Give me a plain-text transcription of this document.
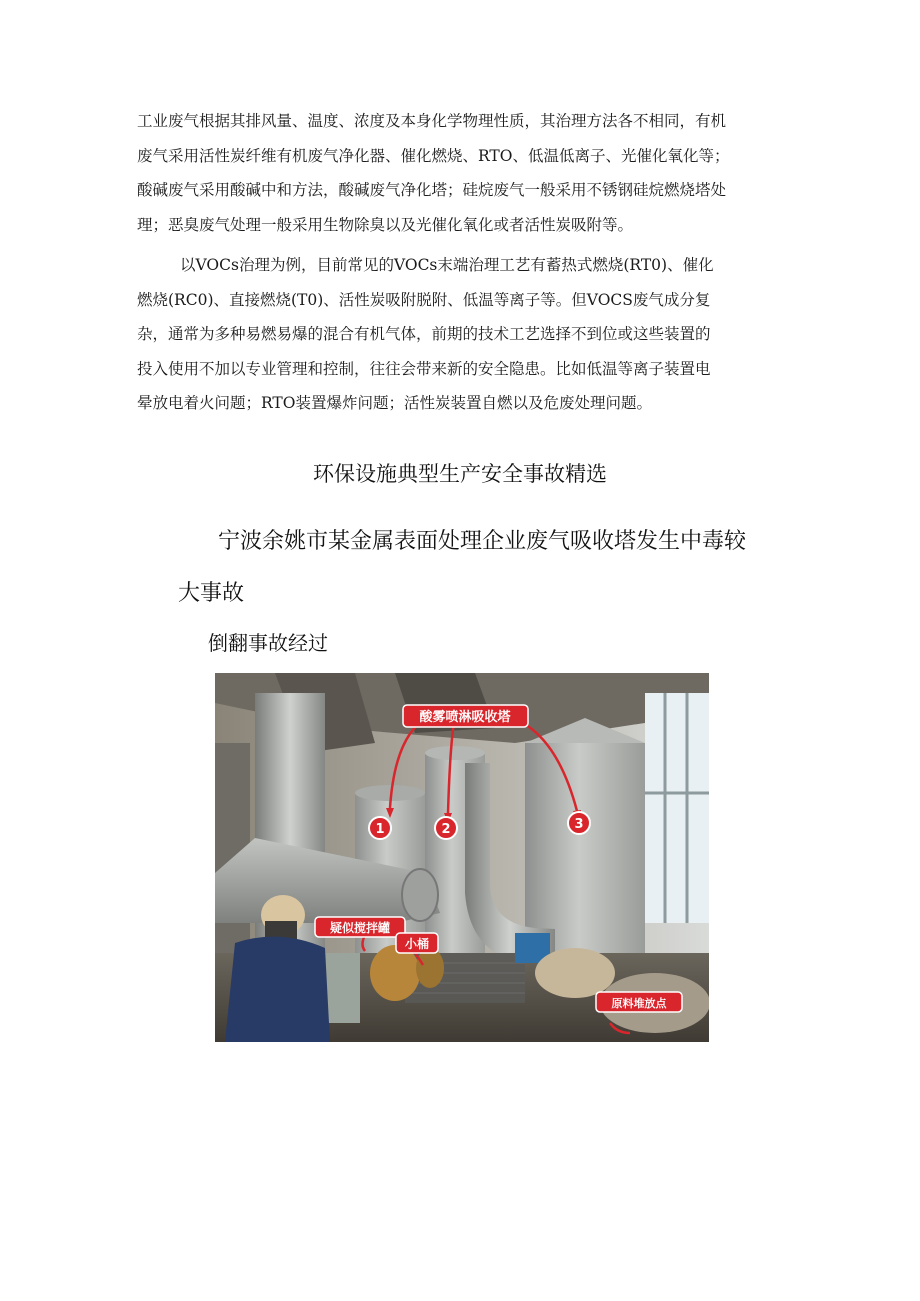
工业废气根据其排风量、温度、浓度及本身化学物理性质，其治理方法各不相同，有机
废气采用活性炭纤维有机废气净化器、催化燃烧、RTO、低温低离子、光催化氧化等；
酸碱废气采用酸碱中和方法，酸碱废气净化塔；硅烷废气一般采用不锈钢硅烷燃烧塔处
理；恶臭废气处理一般采用生物除臭以及光催化氧化或者活性炭吸附等。
以VOCs治理为例，目前常见的VOCs末端治理工艺有蓄热式燃烧(RT0)、催化
燃烧(RC0)、直接燃烧(T0)、活性炭吸附脱附、低温等离子等。但VOCS废气成分复
杂，通常为多种易燃易爆的混合有机气体，前期的技术工艺选择不到位或这些装置的
投入使用不加以专业管理和控制，往往会带来新的安全隐患。比如低温等离子装置电
晕放电着火问题；RTO装置爆炸问题；活性炭装置自燃以及危废处理问题。
环保设施典型生产安全事故精选
宁波余姚市某金属表面处理企业废气吸收塔发生中毒较
大事故
倒翻事故经过
1	2	3
酸雾喷淋吸收塔
疑似搅拌罐
小桶
原料堆放点
